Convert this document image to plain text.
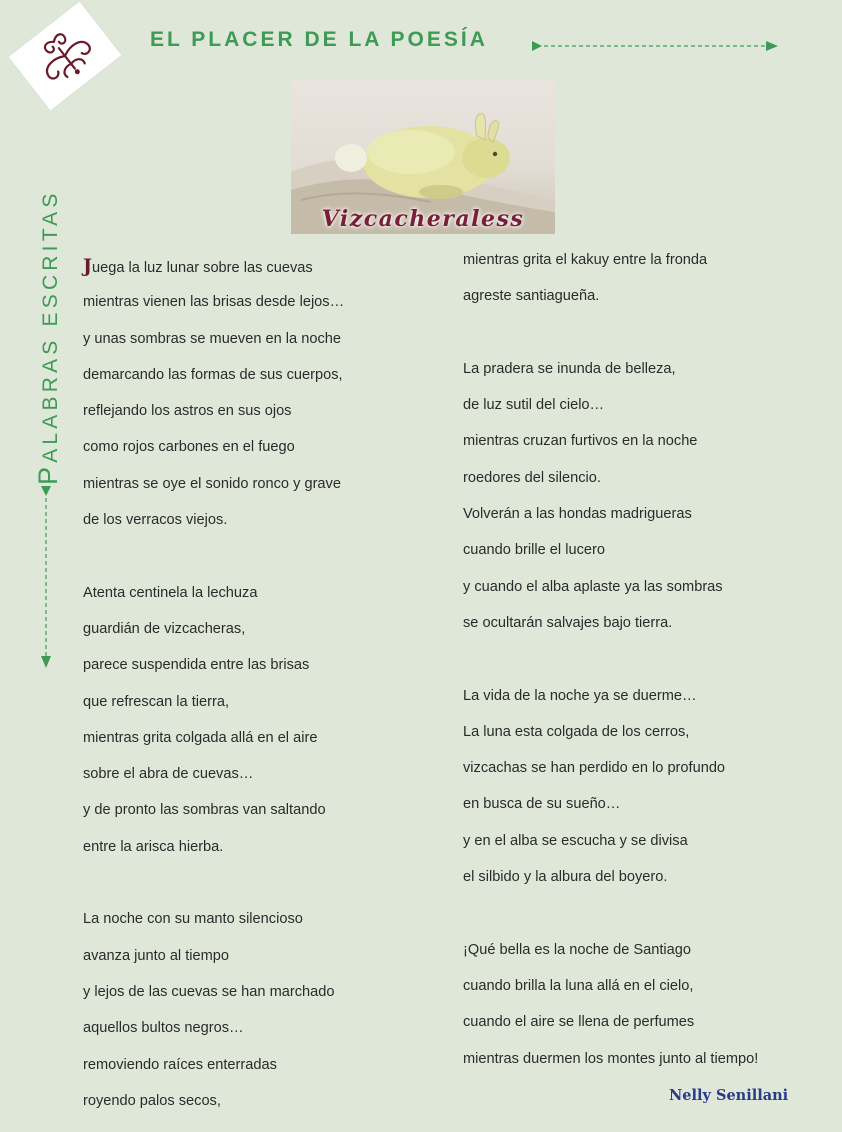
EL PLACER DE LA POESÍA
PALABRAS ESCRITAS	Vizcacheraless
Juega la luz lunar sobre las cuevas
mientras vienen las brisas desde lejos…
y unas sombras se mueven en la noche
demarcando las formas de sus cuerpos,
reflejando los astros en sus ojos
como rojos carbones en el fuego
mientras se oye el sonido ronco y grave
de los verracos viejos.
Atenta centinela la lechuza
guardián de vizcacheras,
parece suspendida entre las brisas
que refrescan la tierra,
mientras grita colgada allá en el aire
sobre el abra de cuevas…
y de pronto las sombras van saltando
entre la arisca hierba.
La noche con su manto silencioso
avanza junto al tiempo
y lejos de las cuevas se han marchado
aquellos bultos negros…
removiendo raíces enterradas
royendo palos secos,
mientras grita el kakuy entre la fronda
agreste santiagueña.
La pradera se inunda de belleza,
de luz sutil del cielo…
mientras cruzan furtivos en la noche
roedores del silencio.
Volverán a las hondas madrigueras
cuando brille el lucero
y cuando el alba aplaste ya las sombras
se ocultarán salvajes bajo tierra.
La vida de la noche ya se duerme…
La luna esta colgada de los cerros,
vizcachas se han perdido en lo profundo
en busca de su sueño…
y en el alba se escucha y se divisa
el silbido y la albura del boyero.
¡Qué bella es la noche de Santiago
cuando brilla la luna allá en el cielo,
cuando el aire se llena de perfumes
mientras duermen los montes junto al tiempo!
Nelly Senillani
